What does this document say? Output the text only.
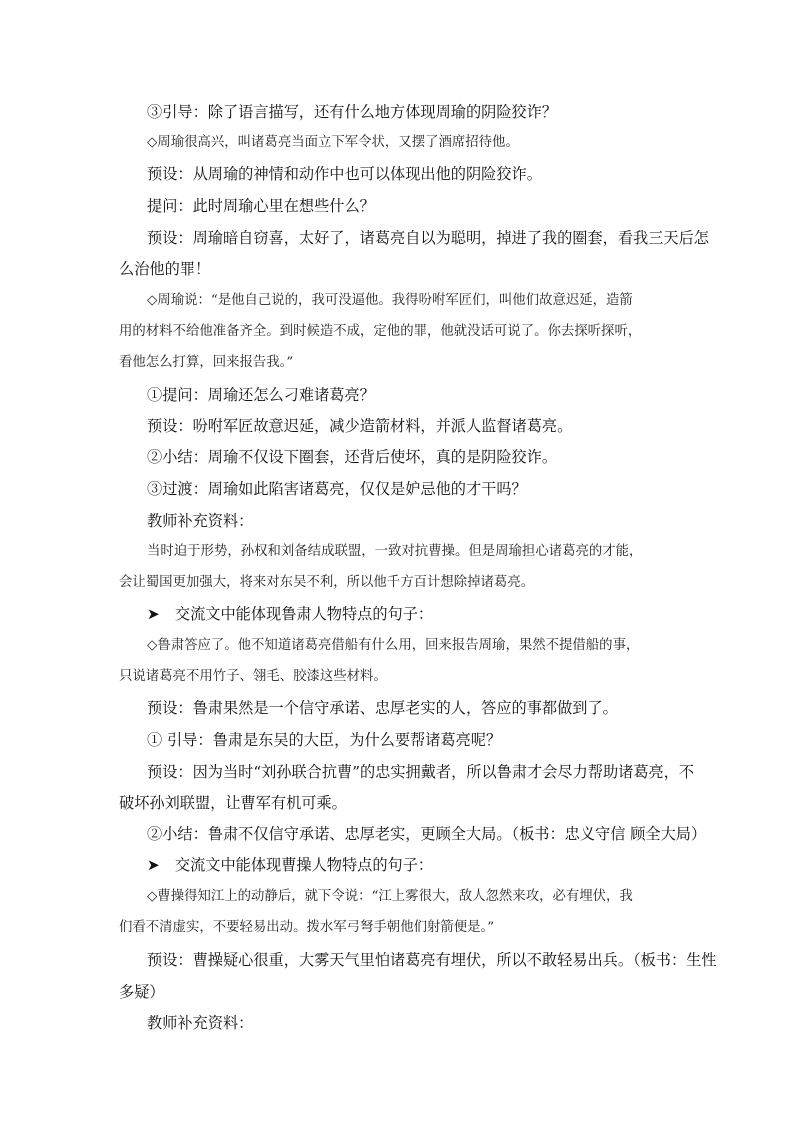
③引导：除了语言描写，还有什么地方体现周瑜的阴险狡诈？
◇周瑜很高兴，叫诸葛亮当面立下军令状，又摆了酒席招待他。
预设：从周瑜的神情和动作中也可以体现出他的阴险狡诈。
提问：此时周瑜心里在想些什么？
预设：周瑜暗自窃喜，太好了，诸葛亮自以为聪明，掉进了我的圈套，看我三天后怎
么治他的罪！
◇周瑜说：“是他自己说的，我可没逼他。我得吩咐军匠们，叫他们故意迟延，造箭
用的材料不给他准备齐全。到时候造不成，定他的罪，他就没话可说了。你去探听探听，
看他怎么打算，回来报告我。”
①提问：周瑜还怎么刁难诸葛亮？
预设：吩咐军匠故意迟延，减少造箭材料，并派人监督诸葛亮。
②小结：周瑜不仅设下圈套，还背后使坏，真的是阴险狡诈。
③过渡：周瑜如此陷害诸葛亮，仅仅是妒忌他的才干吗？
教师补充资料：
当时迫于形势，孙权和刘备结成联盟，一致对抗曹操。但是周瑜担心诸葛亮的才能，
会让蜀国更加强大，将来对东吴不利，所以他千方百计想除掉诸葛亮。
➤　交流文中能体现鲁肃人物特点的句子：
◇鲁肃答应了。他不知道诸葛亮借船有什么用，回来报告周瑜，果然不提借船的事，
只说诸葛亮不用竹子、翎毛、胶漆这些材料。
预设：鲁肃果然是一个信守承诺、忠厚老实的人，答应的事都做到了。
① 引导：鲁肃是东吴的大臣，为什么要帮诸葛亮呢？
预设：因为当时“刘孙联合抗曹”的忠实拥戴者，所以鲁肃才会尽力帮助诸葛亮，不
破坏孙刘联盟，让曹军有机可乘。
②小结：鲁肃不仅信守承诺、忠厚老实，更顾全大局。（板书：忠义守信 顾全大局）
➤　交流文中能体现曹操人物特点的句子：
◇曹操得知江上的动静后，就下令说：“江上雾很大，敌人忽然来攻，必有埋伏，我
们看不清虚实，不要轻易出动。拨水军弓弩手朝他们射箭便是。”
预设：曹操疑心很重，大雾天气里怕诸葛亮有埋伏，所以不敢轻易出兵。（板书：生性
多疑）
教师补充资料：
